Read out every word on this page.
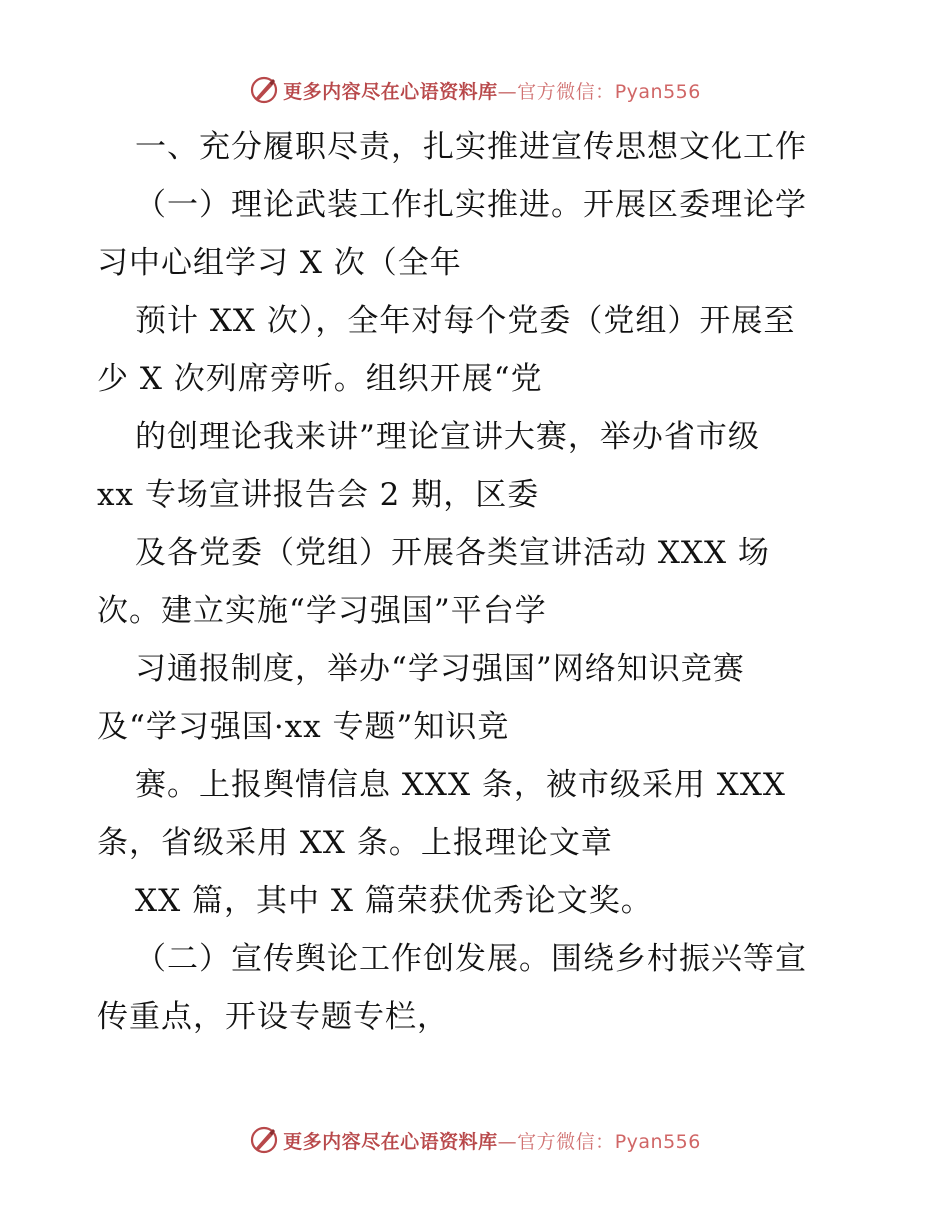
更多内容尽在心语资料库—官方微信：Pyan556
一、充分履职尽责，扎实推进宣传思想文化工作
（一）理论武装工作扎实推进。开展区委理论学
习中心组学习 X 次（全年
预计 XX 次），全年对每个党委（党组）开展至
少 X 次列席旁听。组织开展“党
的创理论我来讲”理论宣讲大赛，举办省市级
xx 专场宣讲报告会 2 期，区委
及各党委（党组）开展各类宣讲活动 XXX 场
次。建立实施“学习强国”平台学
习通报制度，举办“学习强国”网络知识竞赛
及“学习强国·xx 专题”知识竞
赛。上报舆情信息 XXX 条，被市级采用 XXX
条，省级采用 XX 条。上报理论文章
XX 篇，其中 X 篇荣获优秀论文奖。
（二）宣传舆论工作创发展。围绕乡村振兴等宣
传重点，开设专题专栏，
更多内容尽在心语资料库—官方微信：Pyan556
